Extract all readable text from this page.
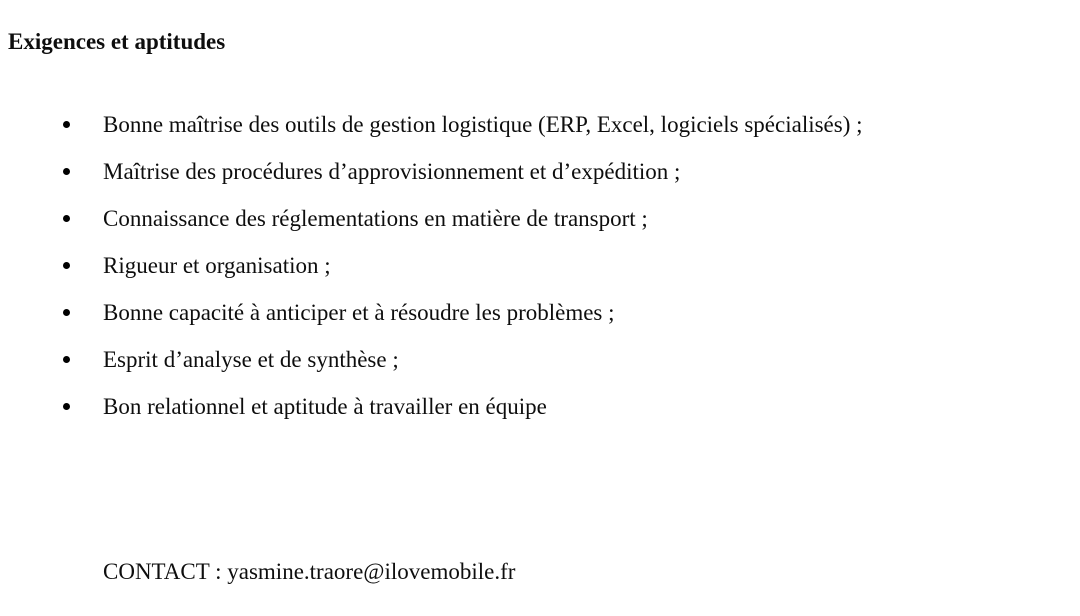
Exigences et aptitudes
Bonne maîtrise des outils de gestion logistique (ERP, Excel, logiciels spécialisés) ;
Maîtrise des procédures d’approvisionnement et d’expédition ;
Connaissance des réglementations en matière de transport ;
Rigueur et organisation ;
Bonne capacité à anticiper et à résoudre les problèmes ;
Esprit d’analyse et de synthèse ;
Bon relationnel et aptitude à travailler en équipe

CONTACT : yasmine.traore@ilovemobile.fr
